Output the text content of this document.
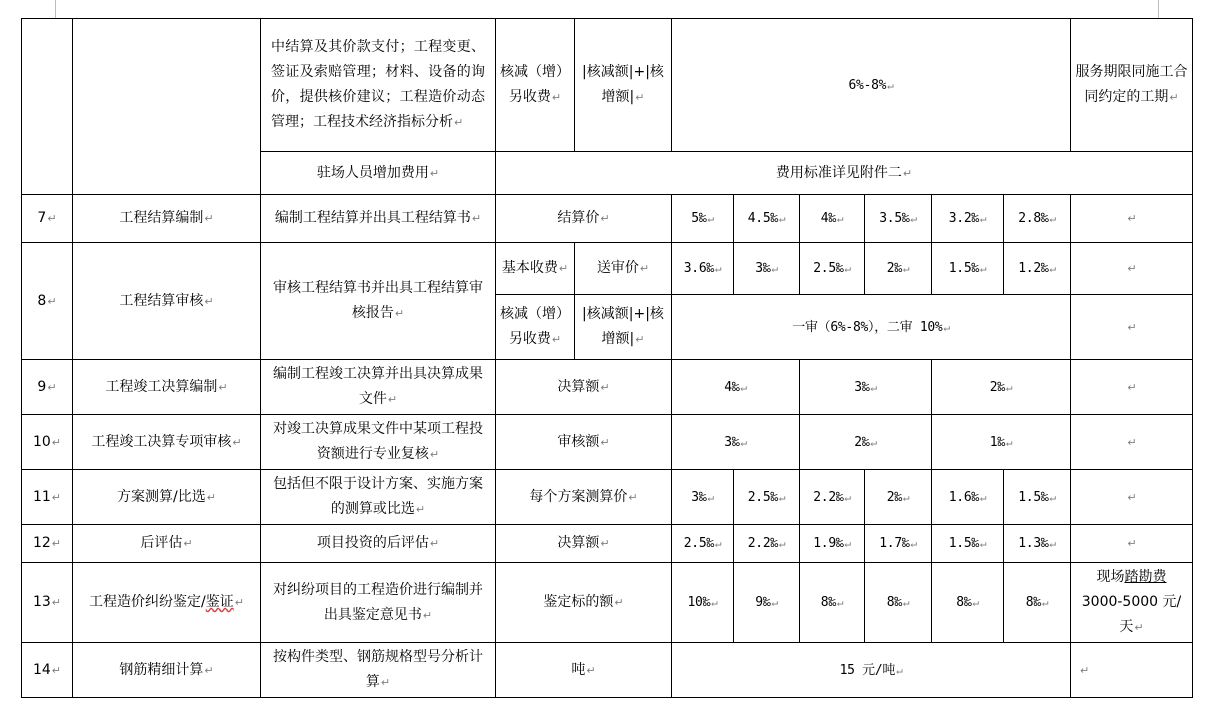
		中结算及其价款支付；工程变更、签证及索赔管理；材料、设备的询价，提供核价建议；工程造价动态管理；工程技术经济指标分析↵	核减（增）另收费↵	|核减额|+|核增额|↵	6%-8%↵						服务期限同施工合同约定的工期↵
		驻场人员增加费用↵	费用标准详见附件二↵								
7↵	工程结算编制↵	编制工程结算并出具工程结算书↵	结算价↵		5‰↵	4.5‰↵	4‰↵	3.5‰↵	3.2‰↵	2.8‰↵	↵
8↵	工程结算审核↵	审核工程结算书并出具工程结算审核报告↵	基本收费↵	送审价↵	3.6‰↵	3‰↵	2.5‰↵	2‰↵	1.5‰↵	1.2‰↵	↵
			核减（增）另收费↵	|核减额|+|核增额|↵	一审（6%-8%），二审 10%↵						↵
9↵	工程竣工决算编制↵	编制工程竣工决算并出具决算成果文件↵	决算额↵		4‰↵		3‰↵		2‰↵		↵
10↵	工程竣工决算专项审核↵	对竣工决算成果文件中某项工程投资额进行专业复核↵	审核额↵		3‰↵		2‰↵		1‰↵		↵
11↵	方案测算/比选↵	包括但不限于设计方案、实施方案的测算或比选↵	每个方案测算价↵		3‰↵	2.5‰↵	2.2‰↵	2‰↵	1.6‰↵	1.5‰↵	↵
12↵	后评估↵	项目投资的后评估↵	决算额↵		2.5‰↵	2.2‰↵	1.9‰↵	1.7‰↵	1.5‰↵	1.3‰↵	↵
13↵	工程造价纠纷鉴定/鉴证↵	对纠纷项目的工程造价进行编制并出具鉴定意见书↵	鉴定标的额↵		10‰↵	9‰↵	8‰↵	8‰↵	8‰↵	8‰↵	现场踏勘费
3000-5000 元/天↵
14↵	钢筋精细计算↵	按构件类型、钢筋规格型号分析计算↵	吨↵		15 元/吨↵						↵
